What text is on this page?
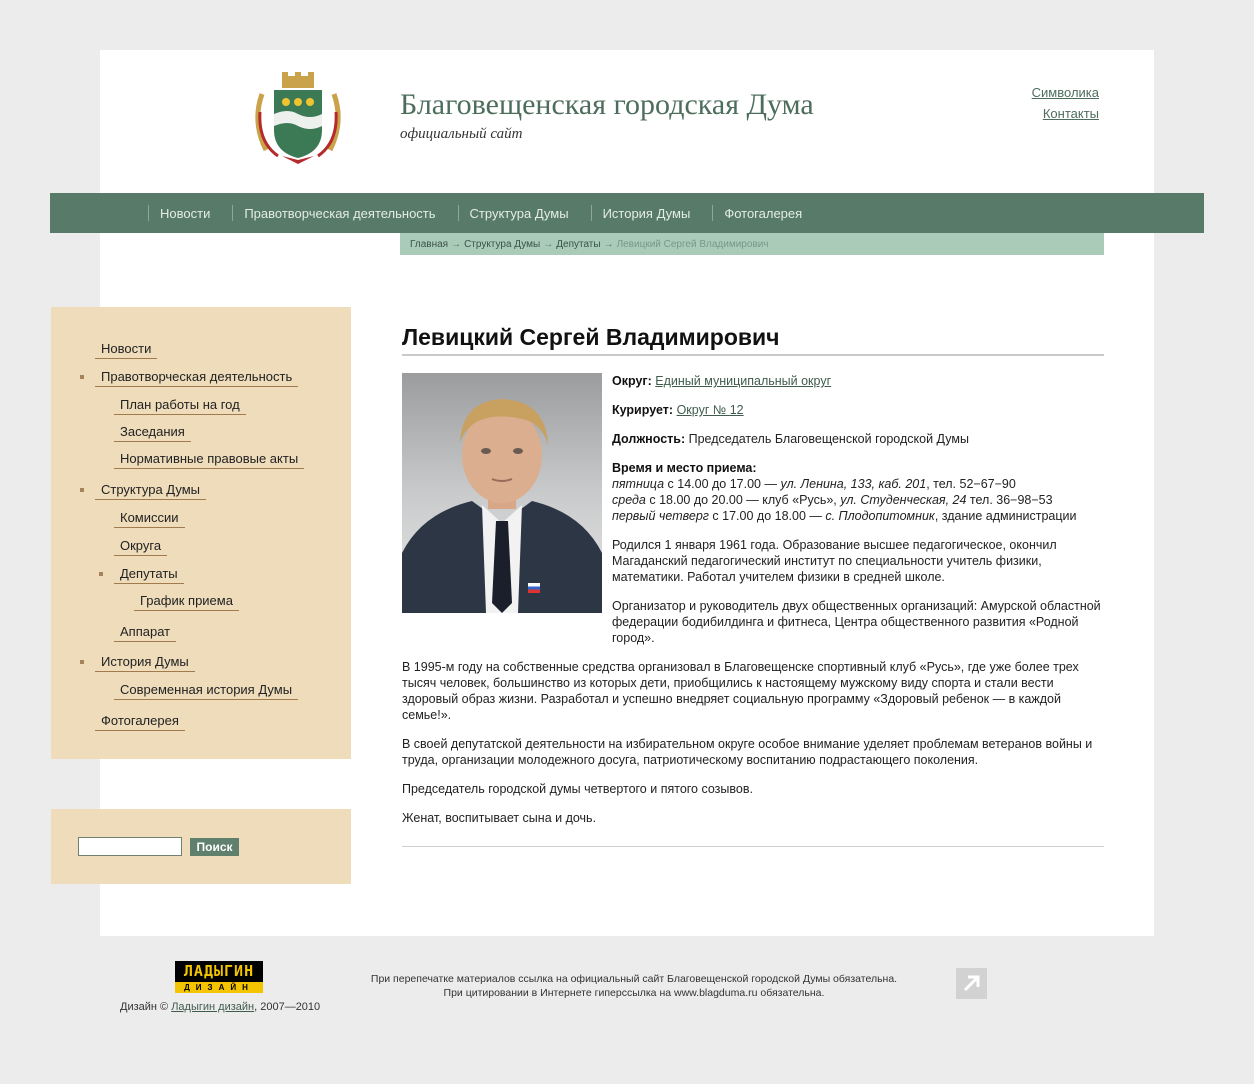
Благовещенская городская Дума
официальный сайт
Символика
Контакты
Новости	Правотворческая деятельность	Структура Думы	История Думы	Фотогалерея
Главная → Структура Думы → Депутаты → Левицкий Сергей Владимирович
Новости
Правотворческая деятельность
План работы на год
Заседания
Нормативные правовые акты
Структура Думы
Комиссии
Округа
Депутаты
График приема
Аппарат
История Думы
Современная история Думы
Фотогалерея
Поиск
Левицкий Сергей Владимирович

Округ: Единый муниципальный округ

Курирует: Округ № 12

Должность: Председатель Благовещенской городской Думы

Время и место приема:
пятница с 14.00 до 17.00 — ул. Ленина, 133, каб. 201, тел. 52−67−90
среда с 18.00 до 20.00 — клуб «Русь», ул. Студенческая, 24 тел. 36−98−53
первый четверг с 17.00 до 18.00 — с. Плодопитомник, здание администрации

Родился 1 января 1961 года. Образование высшее педагогическое, окончил Магаданский педагогический институт по специальности учитель физики, математики. Работал учителем физики в средней школе.

Организатор и руководитель двух общественных организаций: Амурской областной федерации бодибилдинга и фитнеса, Центра общественного развития «Родной город».

В 1995-м году на собственные средства организовал в Благовещенске спортивный клуб «Русь», где уже более трех тысяч человек, большинство из которых дети, приобщились к настоящему мужскому виду спорта и стали вести здоровый образ жизни. Разработал и успешно внедряет социальную программу «Здоровый ребенок — в каждой семье!».

В своей депутатской деятельности на избирательном округе особое внимание уделяет проблемам ветеранов войны и труда, организации молодежного досуга, патриотическому воспитанию подрастающего поколения.

Председатель городской думы четвертого и пятого созывов.

Женат, воспитывает сына и дочь.

ЛАДЫГИН
ДИЗАЙН
Дизайн © Ладыгин дизайн, 2007—2010
При перепечатке материалов ссылка на официальный сайт Благовещенской городской Думы обязательна.
При цитировании в Интернете гиперссылка на www.blagduma.ru обязательна.
